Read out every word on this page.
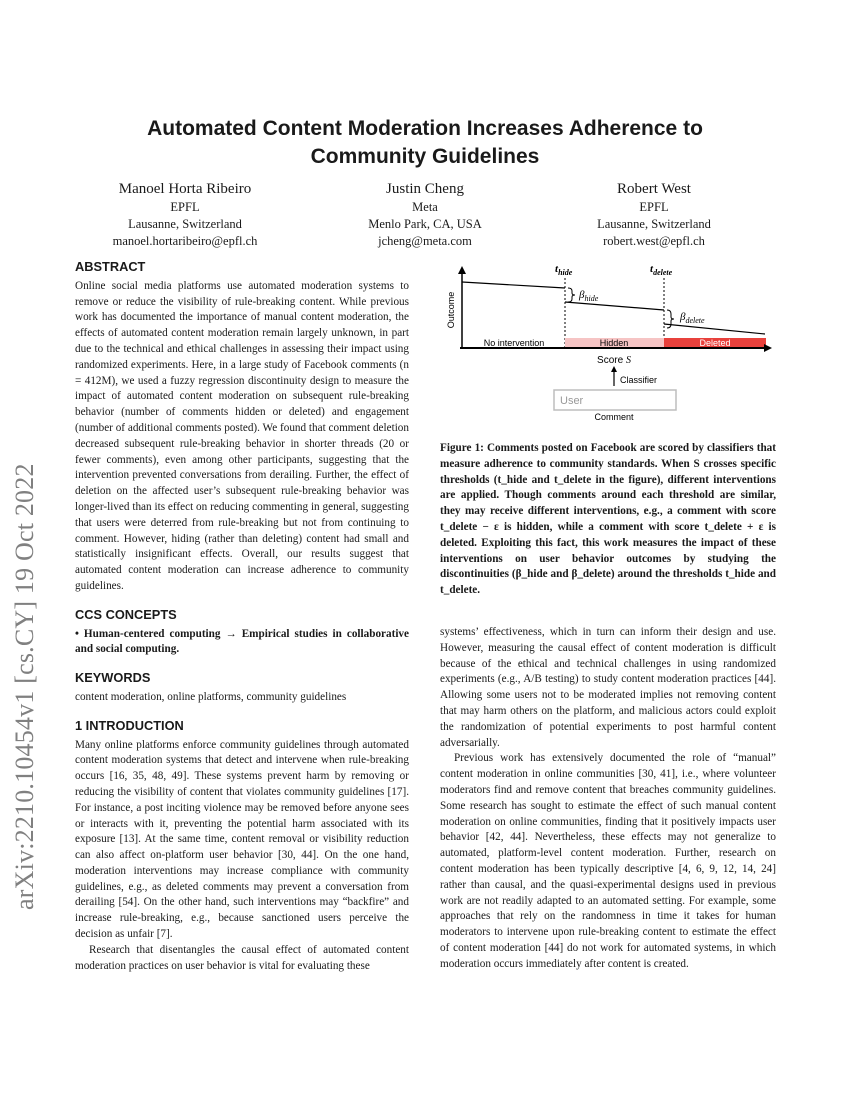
Automated Content Moderation Increases Adherence to Community Guidelines
Manoel Horta Ribeiro
EPFL
Lausanne, Switzerland
manoel.hortaribeiro@epfl.ch
Justin Cheng
Meta
Menlo Park, CA, USA
jcheng@meta.com
Robert West
EPFL
Lausanne, Switzerland
robert.west@epfl.ch
arXiv:2210.10454v1 [cs.CY] 19 Oct 2022
ABSTRACT

Online social media platforms use automated moderation systems to remove or reduce the visibility of rule-breaking content. While previous work has documented the importance of manual content moderation, the effects of automated content moderation remain largely unknown, in part due to the technical and ethical challenges in assessing their impact using randomized experiments. Here, in a large study of Facebook comments (n = 412M), we used a fuzzy regression discontinuity design to measure the impact of automated content moderation on subsequent rule-breaking behavior (number of comments hidden or deleted) and engagement (number of additional comments posted). We found that comment deletion decreased subsequent rule-breaking behavior in shorter threads (20 or fewer comments), even among other participants, suggesting that the intervention prevented conversations from derailing. Further, the effect of deletion on the affected user’s subsequent rule-breaking behavior was longer-lived than its effect on reducing commenting in general, suggesting that users were deterred from rule-breaking but not from continuing to comment. However, hiding (rather than deleting) content had small and statistically insignificant effects. Overall, our results suggest that automated content moderation can increase adherence to community guidelines.

CCS CONCEPTS

• Human-centered computing → Empirical studies in collaborative and social computing.

KEYWORDS

content moderation, online platforms, community guidelines

1 INTRODUCTION

Many online platforms enforce community guidelines through automated content moderation systems that detect and intervene when rule-breaking occurs [16, 35, 48, 49]. These systems prevent harm by removing or reducing the visibility of content that violates community guidelines [17]. For instance, a post inciting violence may be removed before anyone sees or interacts with it, preventing the potential harm associated with its exposure [13]. At the same time, content removal or visibility reduction can also affect on-platform user behavior [30, 44]. On the one hand, moderation interventions may increase compliance with community guidelines, e.g., as deleted comments may prevent a conversation from derailing [54]. On the other hand, such interventions may “backfire” and increase rule-breaking, e.g., because sanctioned users perceive the decision as unfair [7].

Research that disentangles the causal effect of automated content moderation practices on user behavior is vital for evaluating these

$t_{hide}$	$t_{delete}$
Outcome	$\beta_{hide}$
$\beta_{delete}$
No intervention	Hidden	Deleted
Score S
Classifier
User
Comment

Figure 1: Comments posted on Facebook are scored by classifiers that measure adherence to community standards. When S crosses specific thresholds (t_hide and t_delete in the figure), different interventions are applied. Though comments around each threshold are similar, they may receive different interventions, e.g., a comment with score t_delete − ε is hidden, while a comment with score t_delete + ε is deleted. Exploiting this fact, this work measures the impact of these interventions on user behavior outcomes by studying the discontinuities (β_hide and β_delete) around the thresholds t_hide and t_delete.

systems’ effectiveness, which in turn can inform their design and use. However, measuring the causal effect of content moderation is difficult because of the ethical and technical challenges in using randomized experiments (e.g., A/B testing) to study content moderation practices [44]. Allowing some users not to be moderated implies not removing content that may harm others on the platform, and malicious actors could exploit the randomization of potential experiments to post harmful content adversarially.

Previous work has extensively documented the role of “manual” content moderation in online communities [30, 41], i.e., where volunteer moderators find and remove content that breaches community guidelines. Some research has sought to estimate the effect of such manual content moderation on online communities, finding that it positively impacts user behavior [42, 44]. Nevertheless, these effects may not generalize to automated, platform-level content moderation. Further, research on content moderation has been typically descriptive [4, 6, 9, 12, 14, 24] rather than causal, and the quasi-experimental designs used in previous work are not readily adapted to an automated setting. For example, some approaches that rely on the randomness in time it takes for human moderators to intervene upon rule-breaking content to estimate the effect of content moderation [44] do not work for automated systems, in which moderation occurs immediately after content is created.
